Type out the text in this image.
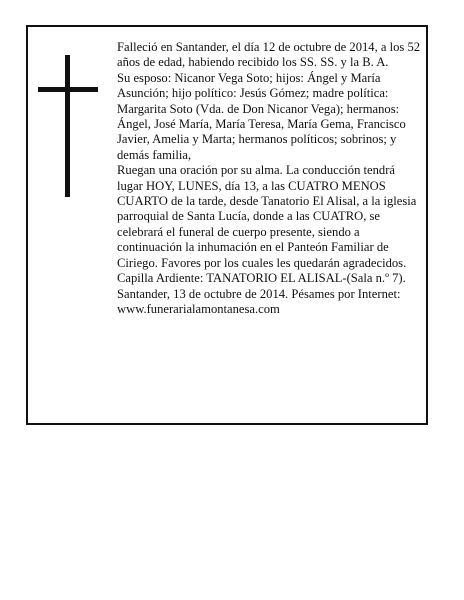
Falleció en Santander, el día 12 de octubre de 2014, a los 52 años de edad, habiendo recibido los SS. SS. y la B. A.

Su esposo: Nicanor Vega Soto; hijos: Ángel y María Asunción; hijo político: Jesús Gómez; madre política: Margarita Soto (Vda. de Don Nicanor Vega); hermanos: Ángel, José María, María Teresa, María Gema, Francisco Javier, Amelia y Marta; hermanos políticos; sobrinos; y demás familia,

Ruegan una oración por su alma. La conducción tendrá lugar HOY, LUNES, día 13, a las CUATRO MENOS CUARTO de la tarde, desde Tanatorio El Alisal, a la iglesia parroquial de Santa Lucía, donde a las CUATRO, se celebrará el funeral de cuerpo presente, siendo a continuación la inhumación en el Panteón Familiar de Ciriego. Favores por los cuales les quedarán agradecidos. Capilla Ardiente: TANATORIO EL ALISAL-(Sala n.º 7).

Santander, 13 de octubre de 2014. Pésames por Internet: www.funerarialamontanesa.com
